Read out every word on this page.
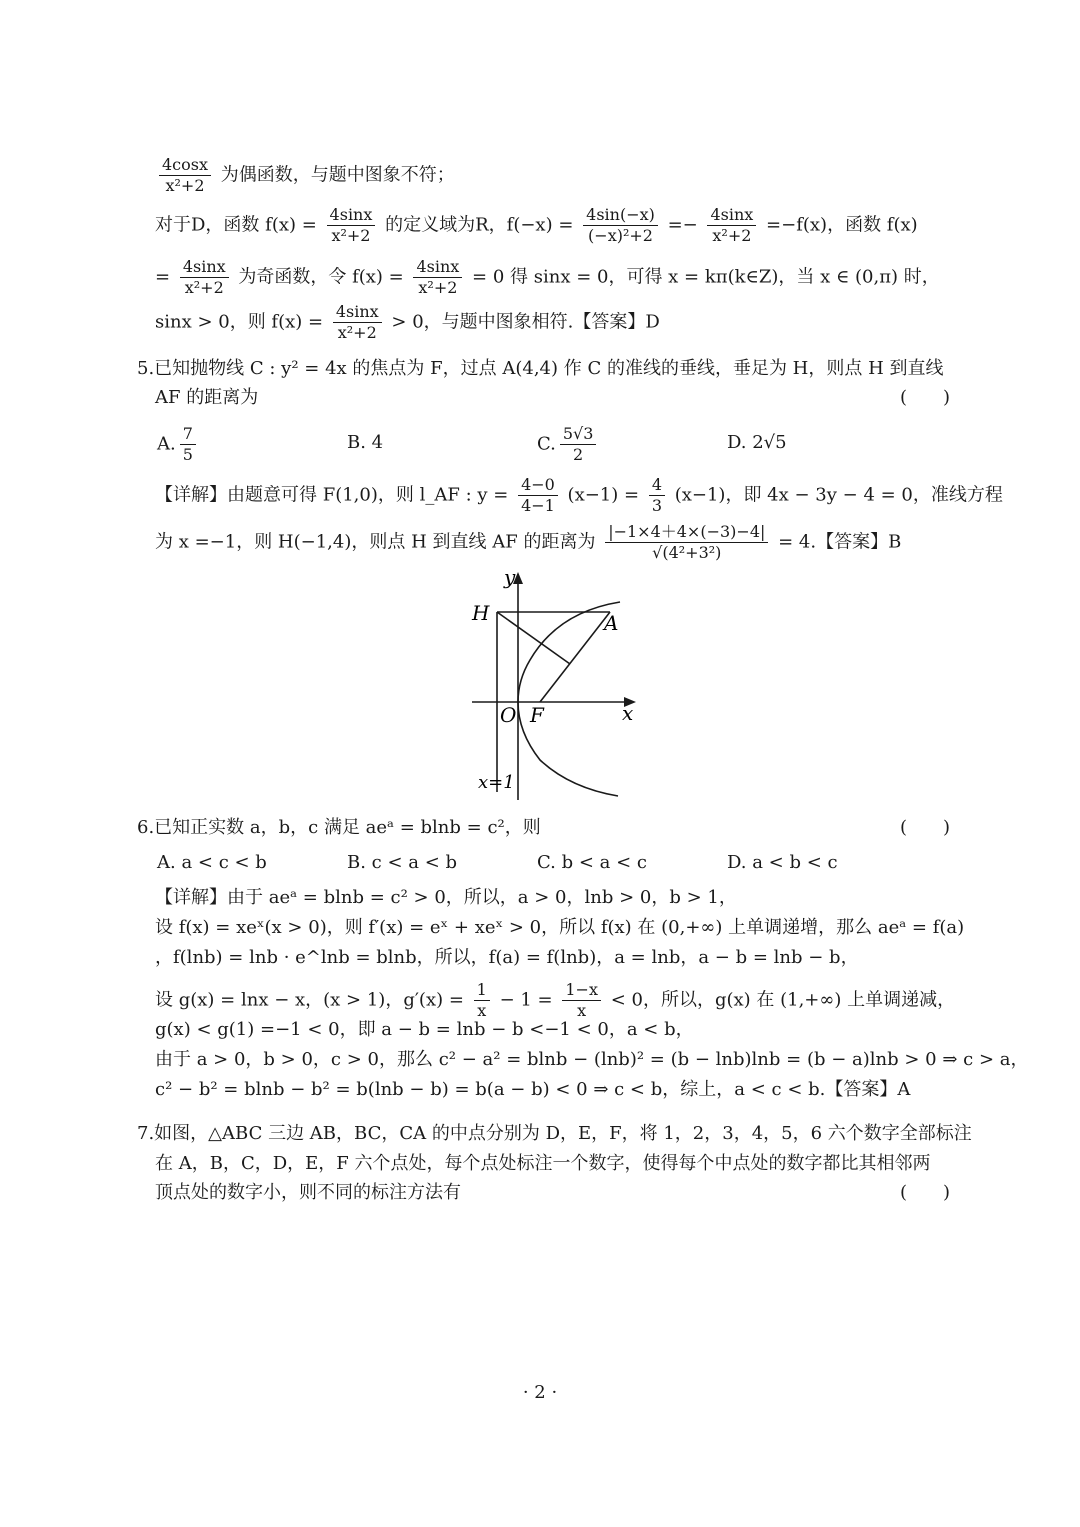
$\frac{4\cos x}{\text{x²+2}}$ 为偶函数，与题中图象不符；
对于D，函数 $f(x) = \frac{4\sin x}{\text{x²+2}}$ 的定义域为R，$f(-x) = \frac{4\sin(-x)}{\text{(−x)²+2}} =- \frac{4\sin x}{\text{x²+2}} =-f(x)$，函数 f(x)
= $\frac{4\sin x}{\text{x²+2}}$ 为奇函数，令 $f(x) = \frac{4\sin x}{\text{x²+2}} = 0$ 得 sinx = 0，可得 x = kπ(k∈Z)，当 x ∈ (0,π) 时，
sinx > 0，则 $f(x) = \frac{4\sin x}{\text{x²+2}} > 0$，与题中图象相符.【答案】D
5.已知抛物线 C : y² = 4x 的焦点为 F，过点 A(4,4) 作 C 的准线的垂线，垂足为 H，则点 H 到直线
AF 的距离为	(　　)
A. $\frac{7}{5}$	B. 4	C. $\frac{5√3}{2}$	D. 2√5
【详解】由题意可得 F(1,0)，则 l_AF : $y = \frac{4-0}{4-1} (x-1) = \frac{4}{3} (x-1)$，即 4x − 3y − 4 = 0，准线方程
为 x =−1，则 H(−1,4)，则点 H 到直线 AF 的距离为 $\frac{|-1\times 4+4\times(-3)-4|}{\text{√(4²+3²)}} = 4$.【答案】B
y
x
H	A
O F
x=1
6.已知正实数 a，b，c 满足 aeᵃ = blnb = c²，则	(　　)
A. a < c < b	B. c < a < b	C. b < a < c	D. a < b < c
【详解】由于 aeᵃ = blnb = c² > 0，所以，a > 0，lnb > 0，b > 1，
设 f(x) = xeˣ(x > 0)，则 f′(x) = eˣ + xeˣ > 0，所以 f(x) 在 (0,+∞) 上单调递增，那么 aeᵃ = f(a)
，f(lnb) = lnb · e^lnb = blnb，所以，f(a) = f(lnb)，a = lnb，a − b = lnb − b，
设 g(x) = lnx − x，(x > 1)，$g'(x) = \frac{1}{x} - 1 = \frac{1-x}{x} < 0$，所以，g(x) 在 (1,+∞) 上单调递减，
g(x) < g(1) =−1 < 0，即 a − b = lnb − b <−1 < 0，a < b，
由于 a > 0，b > 0，c > 0，那么 c² − a² = blnb − (lnb)² = (b − lnb)lnb = (b − a)lnb > 0 ⇒ c > a，
c² − b² = blnb − b² = b(lnb − b) = b(a − b) < 0 ⇒ c < b，综上，a < c < b.【答案】A
7.如图，△ABC 三边 AB，BC，CA 的中点分别为 D，E，F，将 1，2，3，4，5，6 六个数字全部标注
在 A，B，C，D，E，F 六个点处，每个点处标注一个数字，使得每个中点处的数字都比其相邻两
顶点处的数字小，则不同的标注方法有	(　　)
· 2 ·
